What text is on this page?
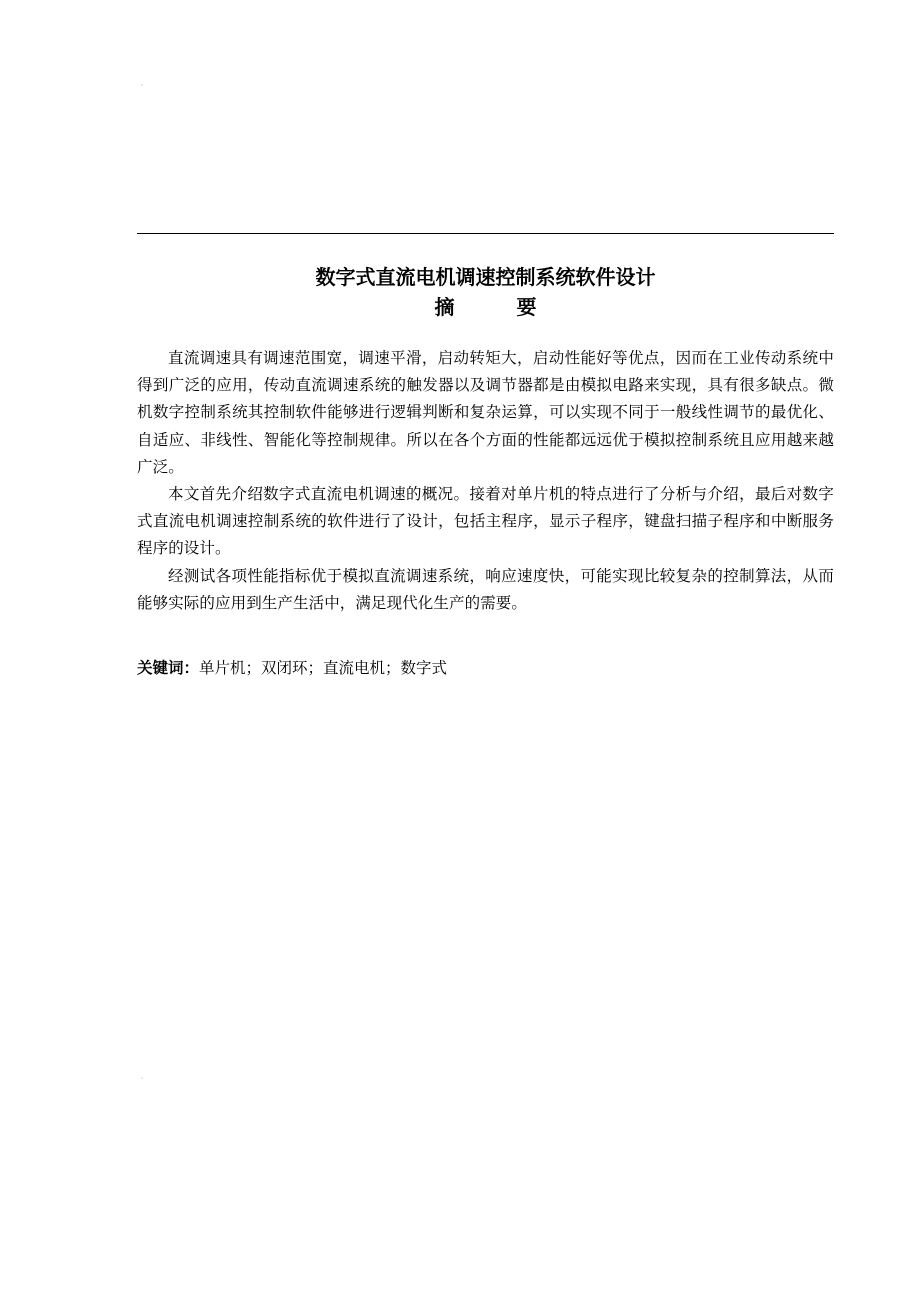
数字式直流电机调速控制系统软件设计
摘	要

直流调速具有调速范围宽，调速平滑，启动转矩大，启动性能好等优点，因而在工业传动系统中得到广泛的应用，传动直流调速系统的触发器以及调节器都是由模拟电路来实现，具有很多缺点。微机数字控制系统其控制软件能够进行逻辑判断和复杂运算，可以实现不同于一般线性调节的最优化、自适应、非线性、智能化等控制规律。所以在各个方面的性能都远远优于模拟控制系统且应用越来越广泛。

本文首先介绍数字式直流电机调速的概况。接着对单片机的特点进行了分析与介绍，最后对数字式直流电机调速控制系统的软件进行了设计，包括主程序，显示子程序，键盘扫描子程序和中断服务程序的设计。

经测试各项性能指标优于模拟直流调速系统，响应速度快，可能实现比较复杂的控制算法，从而能够实际的应用到生产生活中，满足现代化生产的需要。

关键词：单片机；双闭环；直流电机；数字式
